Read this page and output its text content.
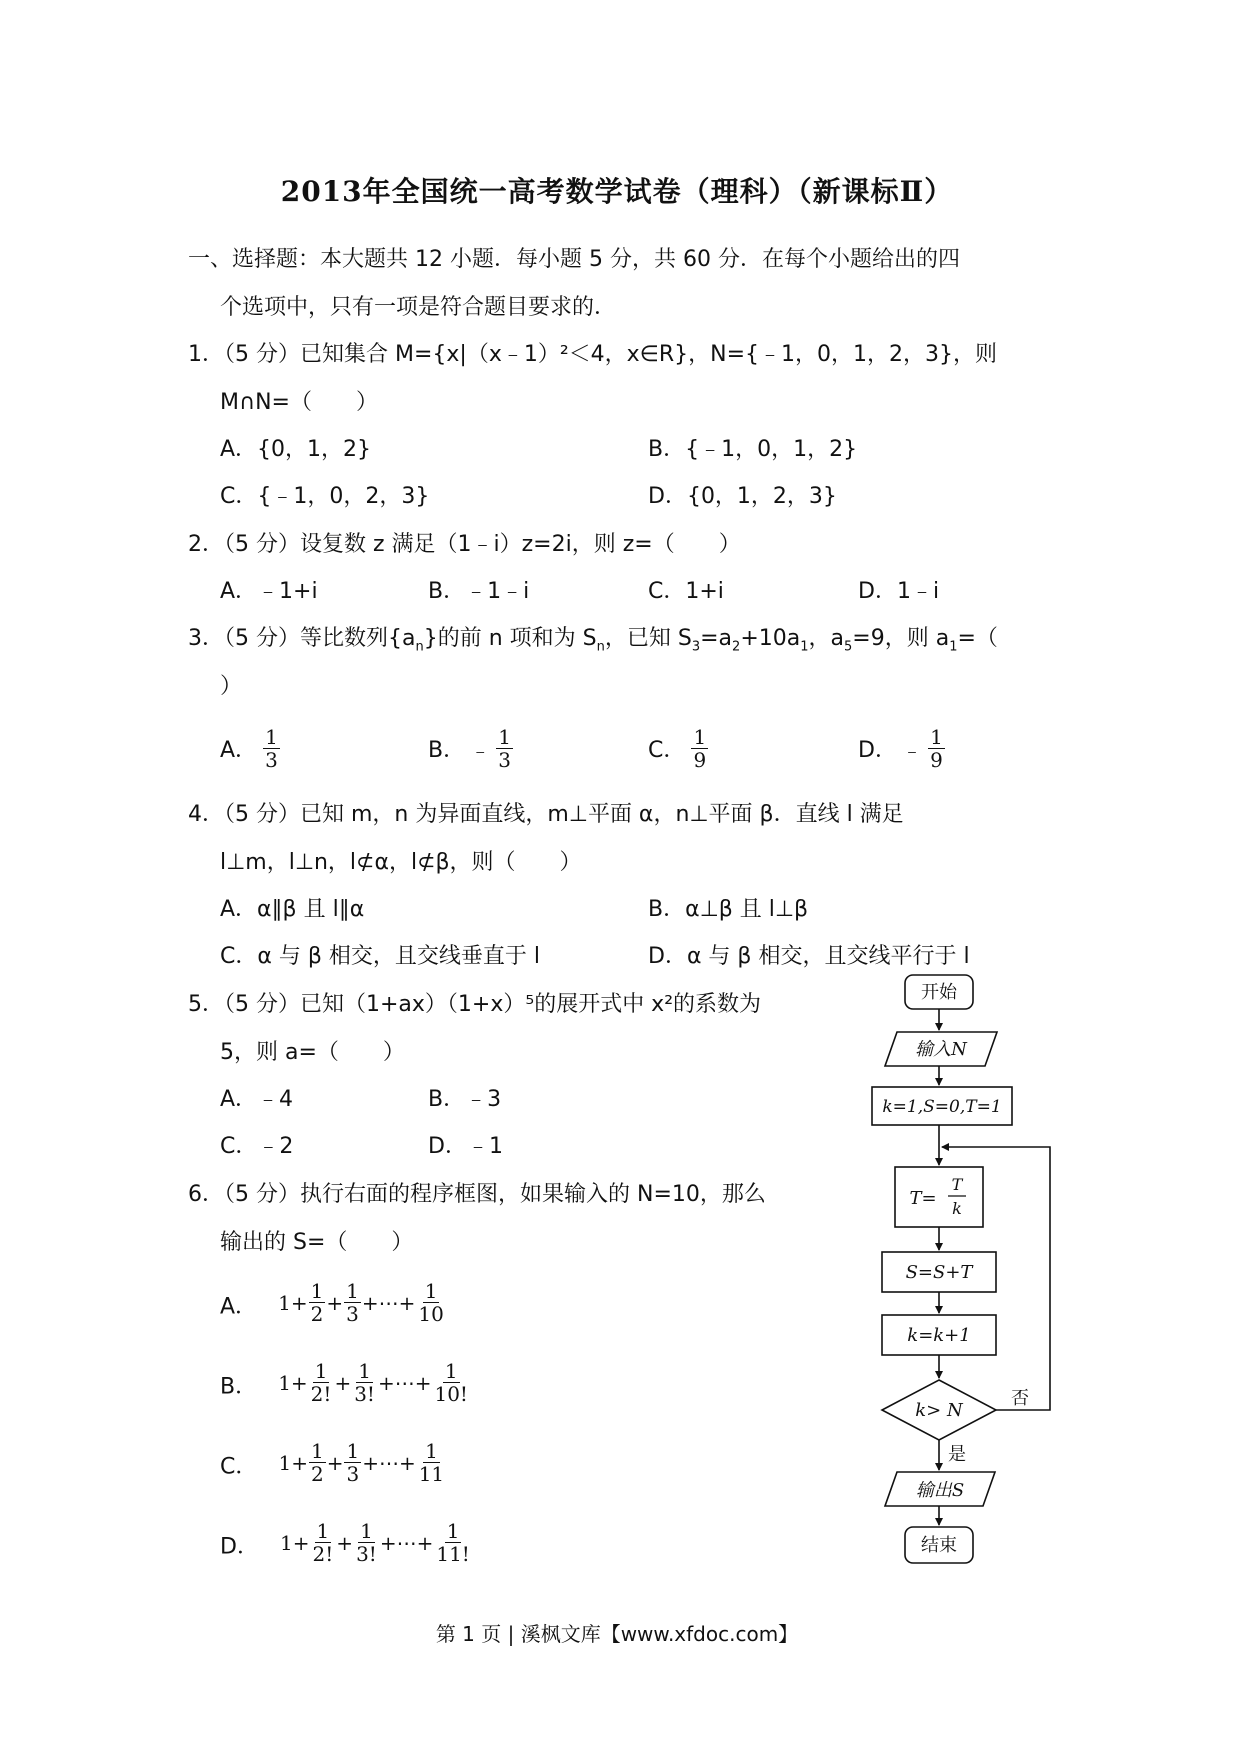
2013年全国统一高考数学试卷（理科）（新课标Ⅱ）
一、选择题：本大题共 12 小题．每小题 5 分，共 60 分．在每个小题给出的四
个选项中，只有一项是符合题目要求的．
1．（5 分）已知集合 M={x|（x﹣1）²＜4，x∈R}，N={﹣1，0，1，2，3}，则
M∩N=（　　）
A．{0，1，2}	B．{﹣1，0，1，2}
C．{﹣1，0，2，3}	D．{0，1，2，3}
2．（5 分）设复数 z 满足（1﹣i）z=2i，则 z=（　　）
A．﹣1+i	B．﹣1﹣i	C．1+i	D．1﹣i
3．（5 分）等比数列$\{a_n\}$的前 n 项和为 $S_n$，已知 $S_3=a_2+10a_1$，$a_5=9$，则 $a_1=$（
）
A． $\frac{1}{3}$	B． ﹣ $\frac{1}{3}$	C． $\frac{1}{9}$	D． ﹣ $\frac{1}{9}$
4．（5 分）已知 m，n 为异面直线，m⊥平面 α，n⊥平面 β．直线 l 满足
l⊥m，l⊥n，l⊄α，l⊄β，则（　　）
A．α∥β 且 l∥α	B．α⊥β 且 l⊥β
C．α 与 β 相交，且交线垂直于 l	D．α 与 β 相交，且交线平行于 l
5．（5 分）已知（1+ax）（1+x）⁵的展开式中 x²的系数为
5，则 a=（　　）
A．﹣4	B．﹣3
C．﹣2	D．﹣1
6．（5 分）执行右面的程序框图，如果输入的 N=10，那么
输出的 S=（　　）
A． $1+ \frac{1}{2} + \frac{1}{3}$ +⋯+ $\frac{1}{10}$
B． $1+ \frac{1}{2!} + \frac{1}{3!}$ +⋯+ $\frac{1}{10!}$
C． $1+ \frac{1}{2} + \frac{1}{3}$ +⋯+ $\frac{1}{11}$
D． $1+ \frac{1}{2!} + \frac{1}{3!}$ +⋯+ $\frac{1}{11!}$
开始
输入N
k=1,S=0,T=1
T=
T
k
S=S+T
k=k+1
k> N
否
是
输出S
结束
第 1 页 | 溪枫文库【www.xfdoc.com】
